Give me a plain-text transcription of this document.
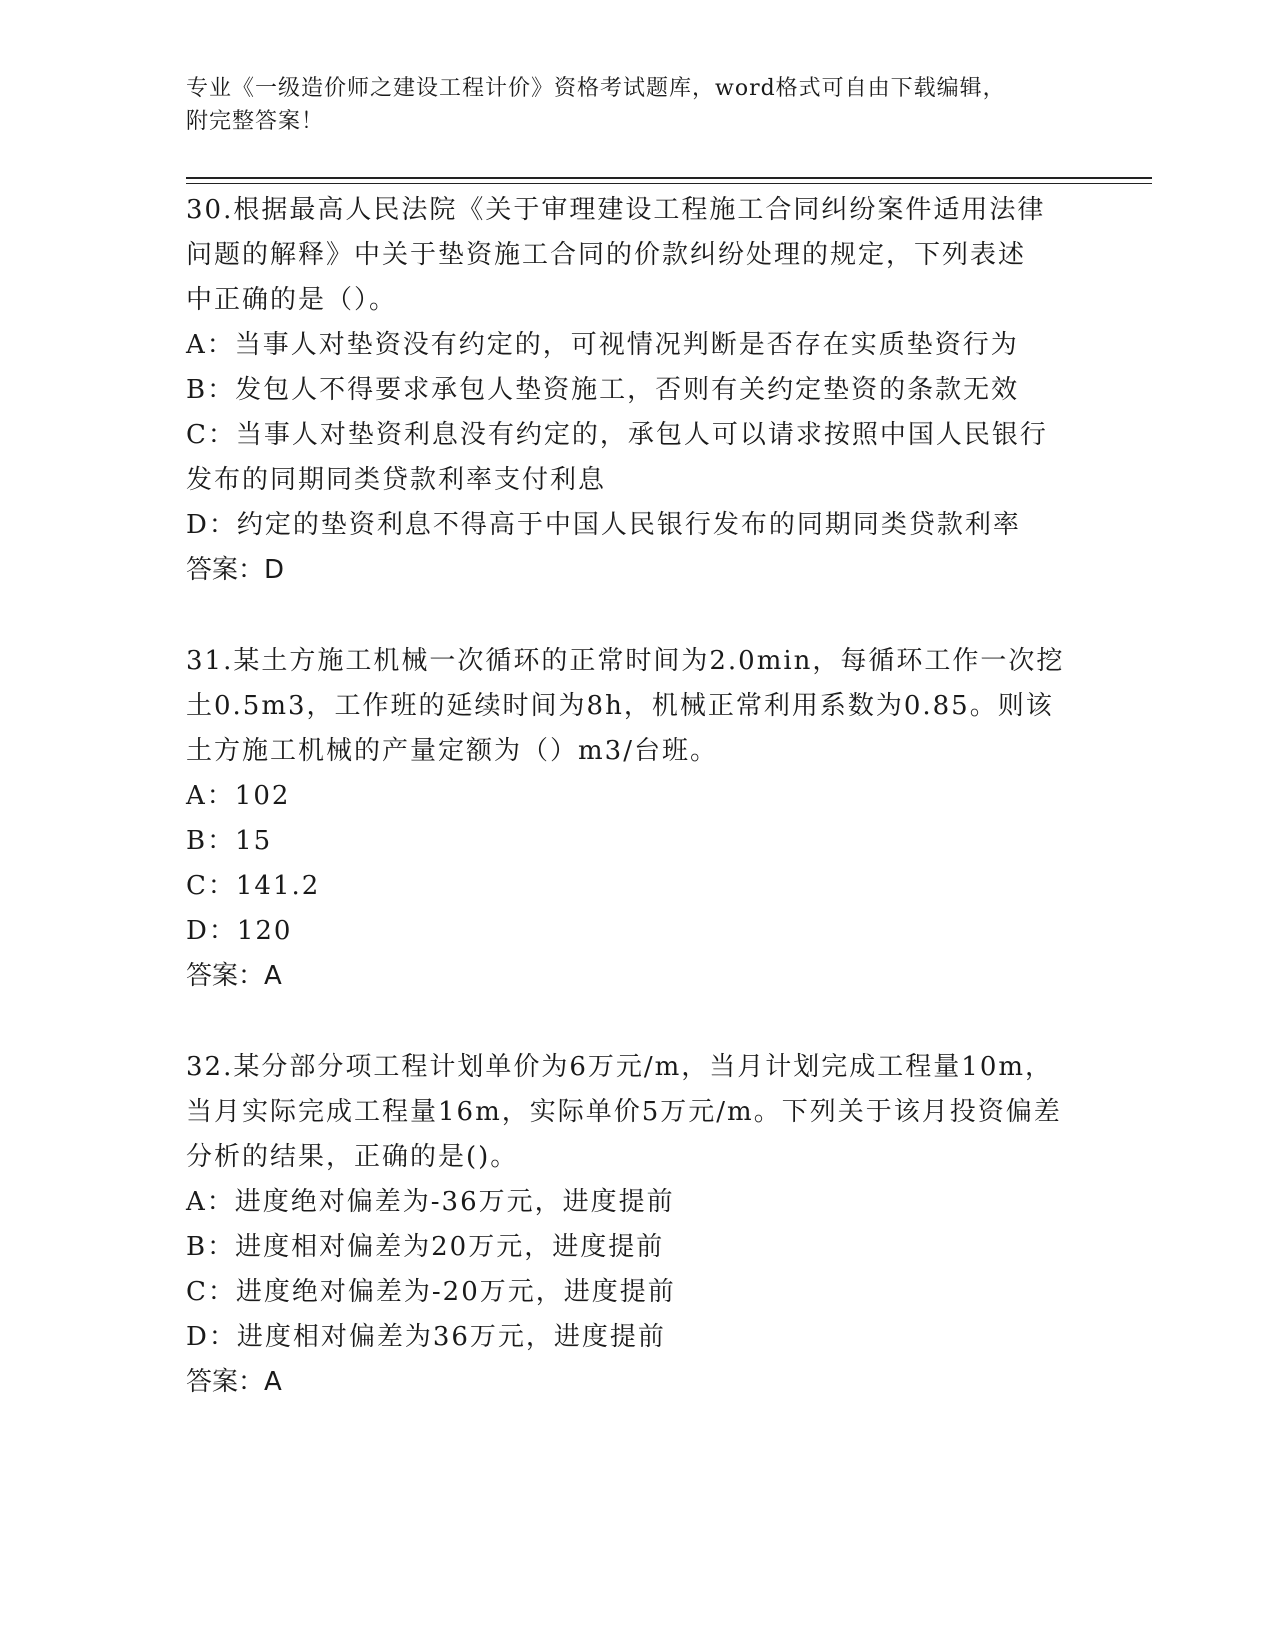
专业《一级造价师之建设工程计价》资格考试题库，word格式可自由下载编辑，
附完整答案！
30.根据最高人民法院《关于审理建设工程施工合同纠纷案件适用法律
问题的解释》中关于垫资施工合同的价款纠纷处理的规定，下列表述
中正确的是（）。
A：当事人对垫资没有约定的，可视情况判断是否存在实质垫资行为
B：发包人不得要求承包人垫资施工，否则有关约定垫资的条款无效
C：当事人对垫资利息没有约定的，承包人可以请求按照中国人民银行
发布的同期同类贷款利率支付利息
D：约定的垫资利息不得高于中国人民银行发布的同期同类贷款利率
答案：D
31.某土方施工机械一次循环的正常时间为2.0min，每循环工作一次挖
土0.5m3，工作班的延续时间为8h，机械正常利用系数为0.85。则该
土方施工机械的产量定额为（）m3/台班。
A：102
B：15
C：141.2
D：120
答案：A
32.某分部分项工程计划单价为6万元/m，当月计划完成工程量10m，
当月实际完成工程量16m，实际单价5万元/m。下列关于该月投资偏差
分析的结果，正确的是()。
A：进度绝对偏差为-36万元，进度提前
B：进度相对偏差为20万元，进度提前
C：进度绝对偏差为-20万元，进度提前
D：进度相对偏差为36万元，进度提前
答案：A
